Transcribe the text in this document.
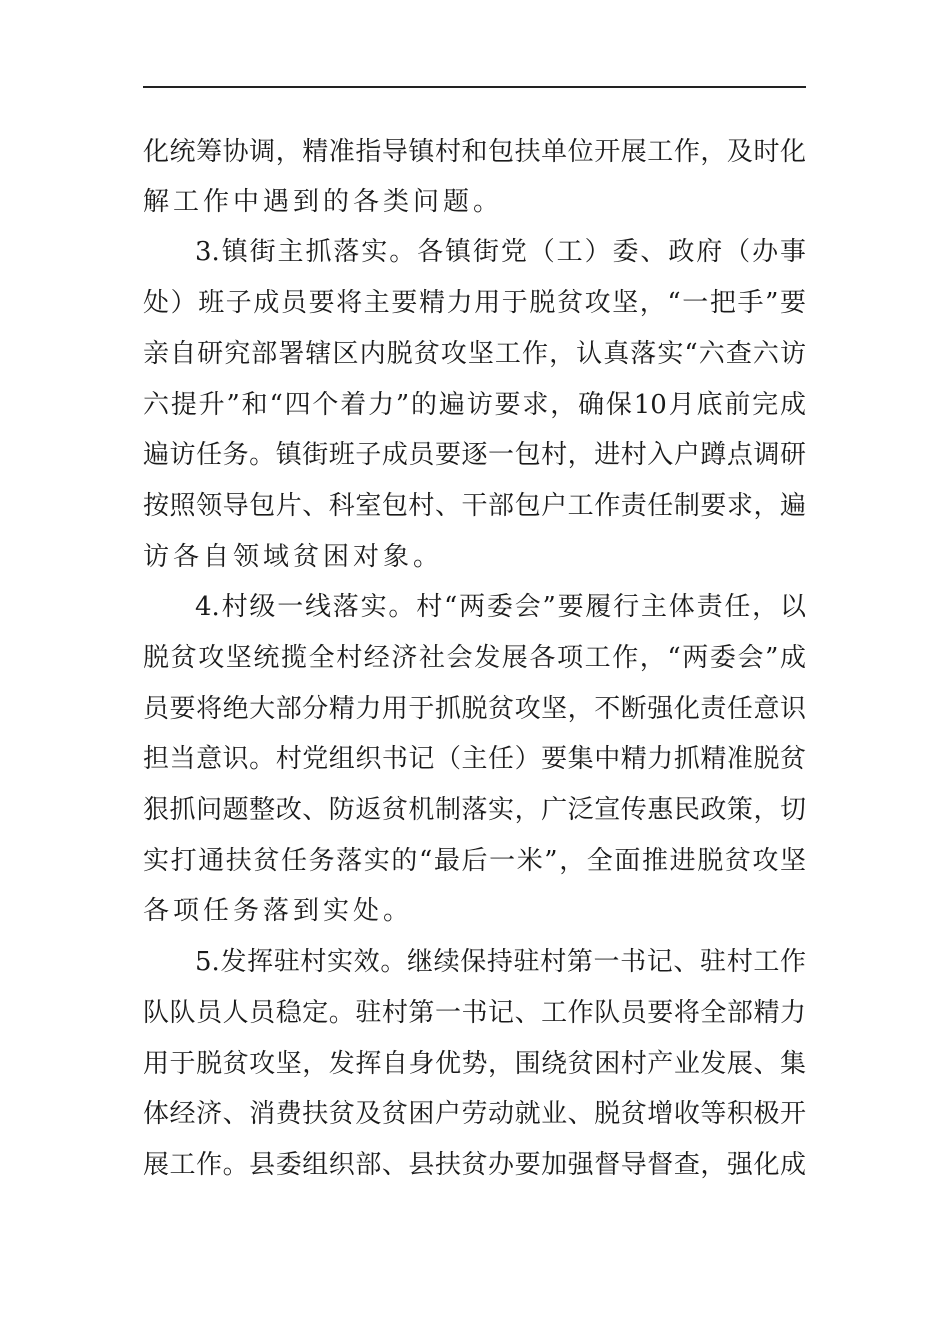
化统筹协调，精准指导镇村和包扶单位开展工作，及时化
解工作中遇到的各类问题。
3.镇街主抓落实。各镇街党（工）委、政府（办事
处）班子成员要将主要精力用于脱贫攻坚，“一把手”要
亲自研究部署辖区内脱贫攻坚工作，认真落实“六查六访
六提升”和“四个着力”的遍访要求，确保10月底前完成
遍访任务。镇街班子成员要逐一包村，进村入户蹲点调研
按照领导包片、科室包村、干部包户工作责任制要求，遍
访各自领域贫困对象。
4.村级一线落实。村“两委会”要履行主体责任，以
脱贫攻坚统揽全村经济社会发展各项工作，“两委会”成
员要将绝大部分精力用于抓脱贫攻坚，不断强化责任意识
担当意识。村党组织书记（主任）要集中精力抓精准脱贫
狠抓问题整改、防返贫机制落实，广泛宣传惠民政策，切
实打通扶贫任务落实的“最后一米”，全面推进脱贫攻坚
各项任务落到实处。
5.发挥驻村实效。继续保持驻村第一书记、驻村工作
队队员人员稳定。驻村第一书记、工作队员要将全部精力
用于脱贫攻坚，发挥自身优势，围绕贫困村产业发展、集
体经济、消费扶贫及贫困户劳动就业、脱贫增收等积极开
展工作。县委组织部、县扶贫办要加强督导督查，强化成
